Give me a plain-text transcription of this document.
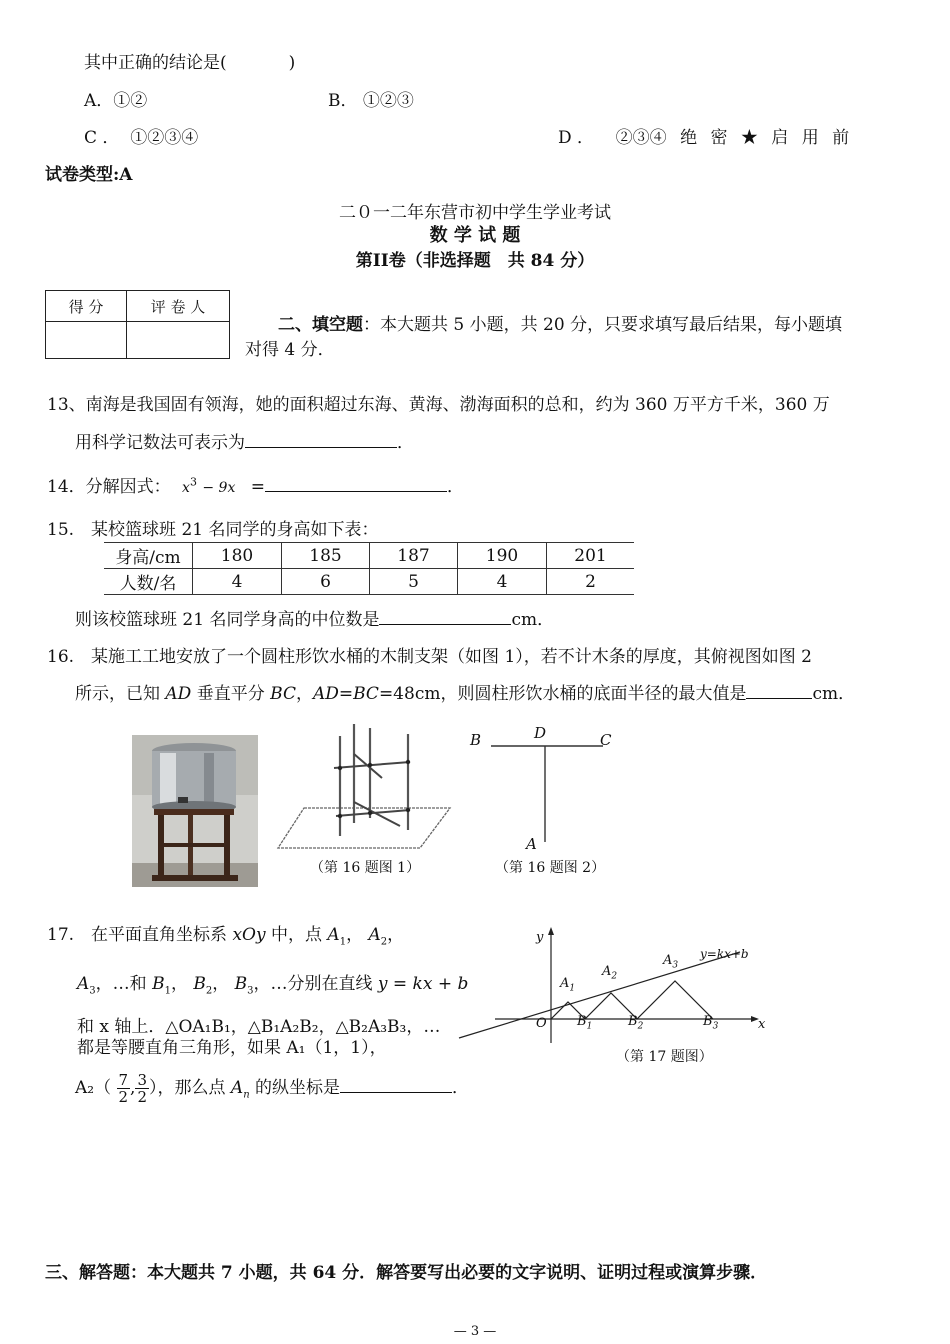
其中正确的结论是(	)
A．①②	B． ①②③
C ． ①②③④	D ． ②③④ 绝 密 ★ 启 用 前
试卷类型:A
二０一二年东营市初中学生学业考试
数 学 试 题
第II卷（非选择题　共 84 分）
得 分	评 卷 人

二、填空题：本大题共 5 小题，共 20 分，只要求填写最后结果，每小题填
对得 4 分．
13、南海是我国固有领海，她的面积超过东海、黄海、渤海面积的总和，约为 360 万平方千米，360 万
用科学记数法可表示为	．
14．分解因式： $x^3 - 9x$ =	．
15.　某校篮球班 21 名同学的身高如下表：
身高/cm	180	185	187	190	201
人数/名	4	6	5	4	2
则该校篮球班 21 名同学身高的中位数是	cm．
16.　某施工工地安放了一个圆柱形饮水桶的木制支架（如图 1），若不计木条的厚度，其俯视图如图 2
所示，已知 AD 垂直平分 BC，AD=BC=48cm，则圆柱形饮水桶的底面半径的最大值是	cm．
（第 16 题图 1）
B	D	C
A
（第 16 题图 2）
17.　在平面直角坐标系 xOy 中，点 $A_1$， $A_2$，
$A_3$，…和 $B_1$， $B_2$， $B_3$，…分别在直线 y = kx + b
和 x 轴上．△OA₁B₁，△B₁A₂B₂，△B₂A₃B₃，…
都是等腰直角三角形，如果 A₁（1，1），
$A_2( \frac{7}{2}$ , $\frac{3}{2}$ ），那么点 $A_n$ 的纵坐标是	．
y
x
O
y=kx+b
$A_1$
$A_2$
$A_3$
$B_1$	$B_2$	$B_3$
（第 17 题图）
三、解答题：本大题共 7 小题，共 64 分．解答要写出必要的文字说明、证明过程或演算步骤．
— 3 —
